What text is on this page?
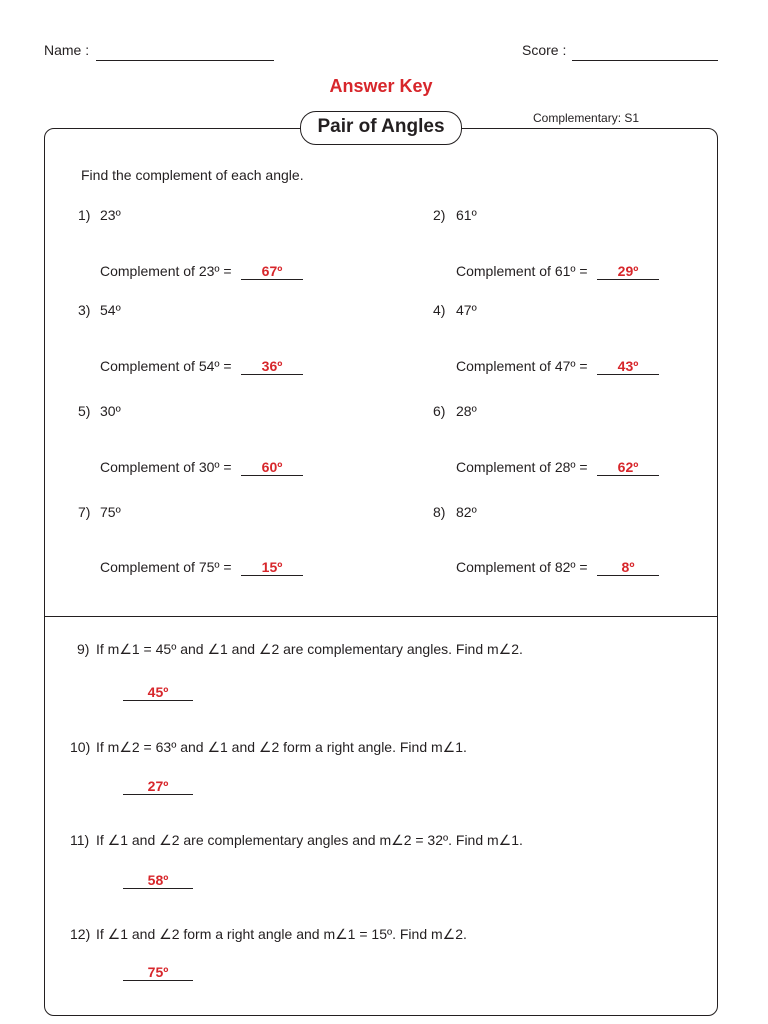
Name :	Score :
Answer Key
Pair of Angles	Complementary: S1
Find the complement of each angle.
1) 23º
Complement of 23º =	67º
2) 61º
Complement of 61º =	29º
3) 54º
Complement of 54º =	36º
4) 47º
Complement of 47º =	43º
5) 30º
Complement of 30º =	60º
6) 28º
Complement of 28º =	62º
7) 75º
Complement of 75º =	15º
8) 82º
Complement of 82º =	8º
9) If m∠1 = 45º and ∠1 and ∠2 are complementary angles. Find m∠2.
45º
10) If m∠2 = 63º and ∠1 and ∠2 form a right angle. Find m∠1.
27º
11) If ∠1 and ∠2 are complementary angles and m∠2 = 32º. Find m∠1.
58º
12) If ∠1 and ∠2 form a right angle and m∠1 = 15º. Find m∠2.
75º
